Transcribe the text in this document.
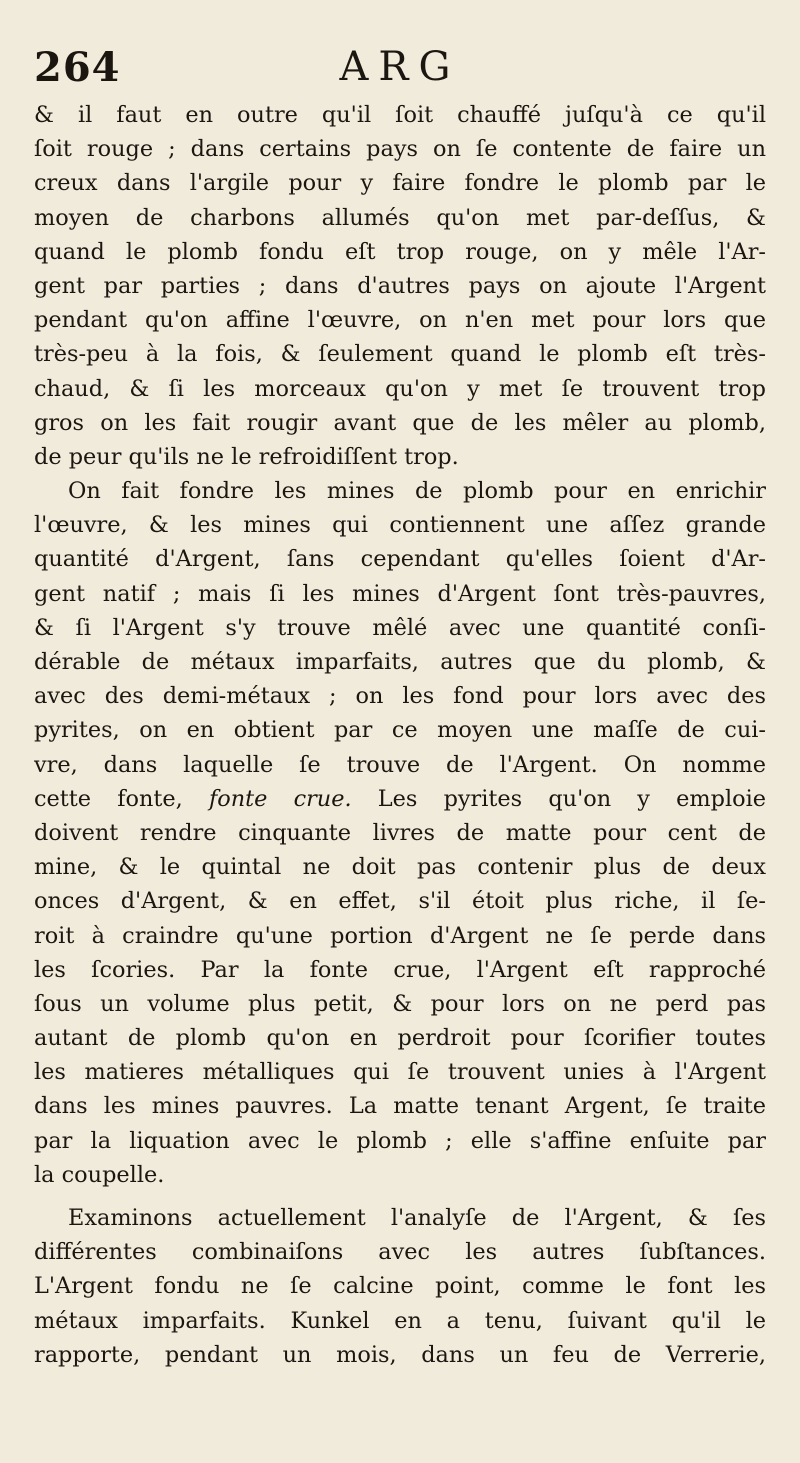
264	ARG
& il faut en outre qu'il ſoit chauffé juſqu'à ce qu'il
ſoit rouge ; dans certains pays on ſe contente de faire un
creux dans l'argile pour y faire fondre le plomb par le
moyen de charbons allumés qu'on met par-deſſus, &
quand le plomb fondu eſt trop rouge, on y mêle l'Ar-
gent par parties ; dans d'autres pays on ajoute l'Argent
pendant qu'on affine l'œuvre, on n'en met pour lors que
très-peu à la fois, & ſeulement quand le plomb eſt très-
chaud, & ſi les morceaux qu'on y met ſe trouvent trop
gros on les fait rougir avant que de les mêler au plomb,
de peur qu'ils ne le refroidiſſent trop.
On fait fondre les mines de plomb pour en enrichir
l'œuvre, & les mines qui contiennent une aſſez grande
quantité d'Argent, ſans cependant qu'elles ſoient d'Ar-
gent natif ; mais ſi les mines d'Argent ſont très-pauvres,
& ſi l'Argent s'y trouve mêlé avec une quantité conſi-
dérable de métaux imparfaits, autres que du plomb, &
avec des demi-métaux ; on les fond pour lors avec des
pyrites, on en obtient par ce moyen une maſſe de cui-
vre, dans laquelle ſe trouve de l'Argent. On nomme
cette fonte, fonte crue. Les pyrites qu'on y emploie
doivent rendre cinquante livres de matte pour cent de
mine, & le quintal ne doit pas contenir plus de deux
onces d'Argent, & en effet, s'il étoit plus riche, il ſe-
roit à craindre qu'une portion d'Argent ne ſe perde dans
les ſcories. Par la fonte crue, l'Argent eſt rapproché
ſous un volume plus petit, & pour lors on ne perd pas
autant de plomb qu'on en perdroit pour ſcorifier toutes
les matieres métalliques qui ſe trouvent unies à l'Argent
dans les mines pauvres. La matte tenant Argent, ſe traite
par la liquation avec le plomb ; elle s'affine enſuite par
la coupelle.
Examinons actuellement l'analyſe de l'Argent, & ſes
différentes combinaiſons avec les autres ſubſtances.
L'Argent fondu ne ſe calcine point, comme le font les
métaux imparfaits. Kunkel en a tenu, ſuivant qu'il le
rapporte, pendant un mois, dans un feu de Verrerie,
